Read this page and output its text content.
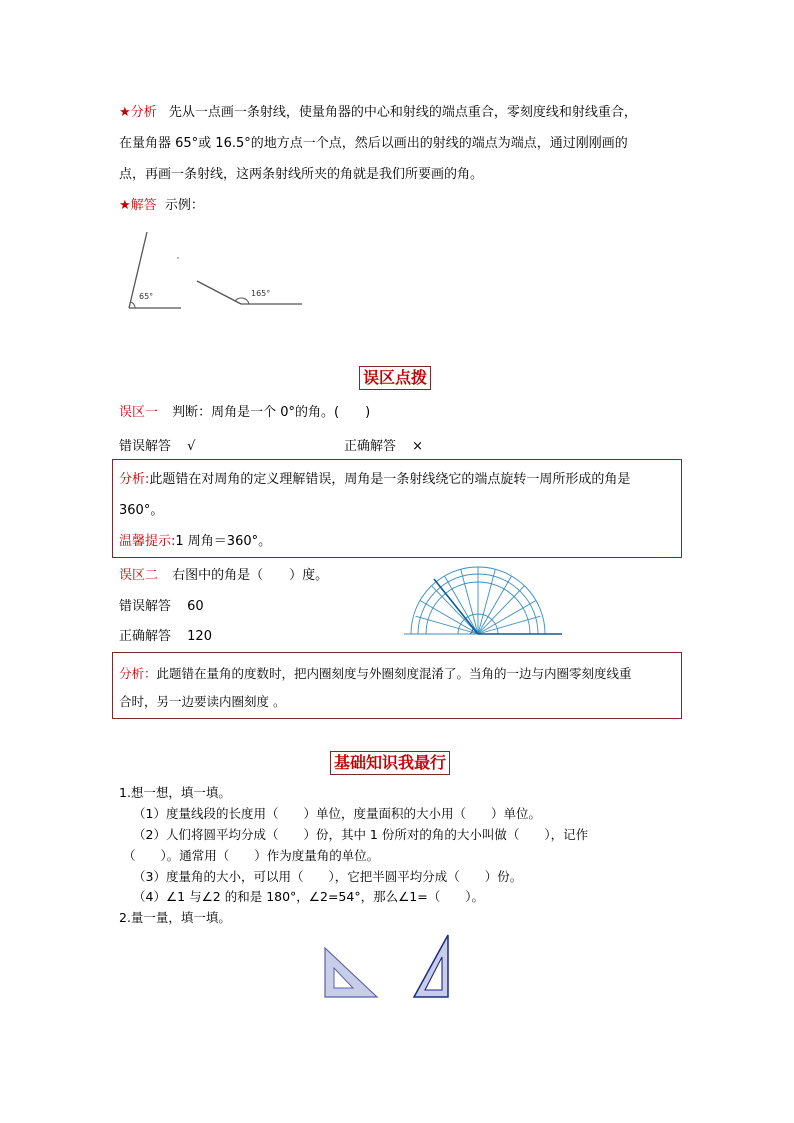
★分析 先从一点画一条射线，使量角器的中心和射线的端点重合，零刻度线和射线重合，
在量角器 65°或 16.5°的地方点一个点，然后以画出的射线的端点为端点，通过刚刚画的
点，再画一条射线，这两条射线所夹的角就是我们所要画的角。
★解答 示例：
65°	165°
误区点拨
误区一 判断：周角是一个 0°的角。(　　)
错误解答 √	正确解答 ×
分析:此题错在对周角的定义理解错误，周角是一条射线绕它的端点旋转一周所形成的角是
360°。
温馨提示:1 周角＝360°。
误区二 右图中的角是（　　）度。
错误解答 60
正确解答 120
分析：此题错在量角的度数时，把内圈刻度与外圈刻度混淆了。当角的一边与内圈零刻度线重
合时，另一边要读内圈刻度 。
基础知识我最行
1.想一想，填一填。
（1）度量线段的长度用（　　）单位，度量面积的大小用（　　）单位。
（2）人们将圆平均分成（　　）份，其中 1 份所对的角的大小叫做（　　），记作
（　　）。通常用（　　）作为度量角的单位。
（3）度量角的大小，可以用（　　），它把半圆平均分成（　　）份。
（4）∠1 与∠2 的和是 180°，∠2=54°，那么∠1=（　　）。
2.量一量，填一填。
